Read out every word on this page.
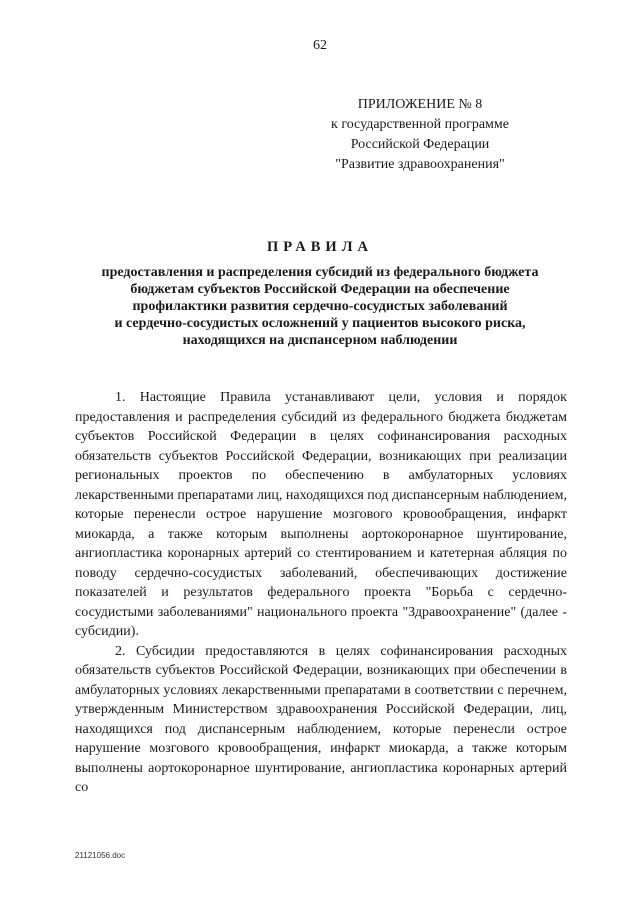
62
ПРИЛОЖЕНИЕ № 8
к государственной программе
Российской Федерации
"Развитие здравоохранения"
ПРАВИЛА
предоставления и распределения субсидий из федерального бюджета
бюджетам субъектов Российской Федерации на обеспечение
профилактики развития сердечно-сосудистых заболеваний
и сердечно-сосудистых осложнений у пациентов высокого риска,
находящихся на диспансерном наблюдении

1. Настоящие Правила устанавливают цели, условия и порядок предоставления и распределения субсидий из федерального бюджета бюджетам субъектов Российской Федерации в целях софинансирования расходных обязательств субъектов Российской Федерации, возникающих при реализации региональных проектов по обеспечению в амбулаторных условиях лекарственными препаратами лиц, находящихся под диспансерным наблюдением, которые перенесли острое нарушение мозгового кровообращения, инфаркт миокарда, а также которым выполнены аортокоронарное шунтирование, ангиопластика коронарных артерий со стентированием и катетерная абляция по поводу сердечно-сосудистых заболеваний, обеспечивающих достижение показателей и результатов федерального проекта "Борьба с сердечно-сосудистыми заболеваниями" национального проекта "Здравоохранение" (далее - субсидии).

2. Субсидии предоставляются в целях софинансирования расходных обязательств субъектов Российской Федерации, возникающих при обеспечении в амбулаторных условиях лекарственными препаратами в соответствии с перечнем, утвержденным Министерством здравоохранения Российской Федерации, лиц, находящихся под диспансерным наблюдением, которые перенесли острое нарушение мозгового кровообращения, инфаркт миокарда, а также которым выполнены аортокоронарное шунтирование, ангиопластика коронарных артерий со

21121056.doc
